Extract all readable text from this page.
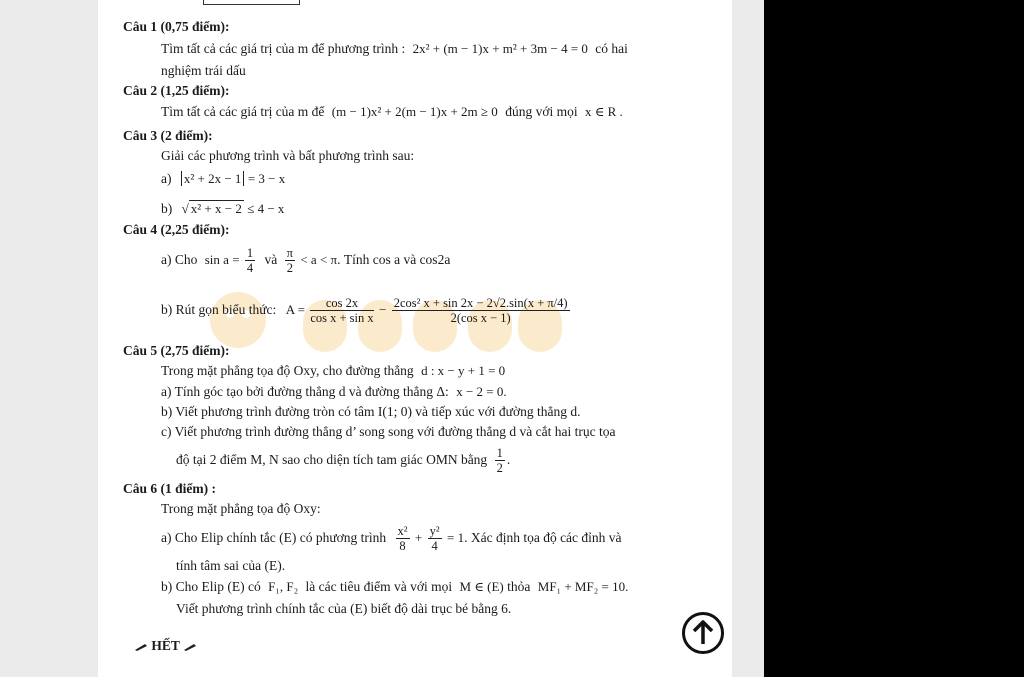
Câu 1 (0,75 điểm):
Tìm tất cả các giá trị của m để phương trình : 2x² + (m − 1)x + m² + 3m − 4 = 0 có hai
nghiệm trái dấu
Câu 2 (1,25 điểm):
Tìm tất cả các giá trị của m để (m − 1)x² + 2(m − 1)x + 2m ≥ 0 đúng với mọi x ∈ R .
Câu 3 (2 điểm):
Giải các phương trình và bất phương trình sau:
a) x² + 2x − 1 = 3 − x
b) √ x² + x − 2 ≤ 4 − x
Câu 4 (2,25 điểm):
a) Cho $\sin a = \frac{1}{4}$ và $\frac{\pi}{2} < a < \pi$. Tính cos a và cos2a
b) Rút gọn biểu thức: $A = \frac{\cos 2x}{\text{cos x + sin x}} - \frac{\text{2cos² x + sin 2x − 2√2.sin(x + π/4)}}{\text{2(cos x − 1)}}$
Câu 5 (2,75 điểm):
Trong mặt phẳng tọa độ Oxy, cho đường thẳng d : x − y + 1 = 0
a) Tính góc tạo bởi đường thẳng d và đường thẳng Δ: x − 2 = 0.
b) Viết phương trình đường tròn có tâm I(1; 0) và tiếp xúc với đường thẳng d.
c) Viết phương trình đường thẳng d’ song song với đường thẳng d và cắt hai trục tọa
độ tại 2 điểm M, N sao cho diện tích tam giác OMN bằng $\frac{1}{2}$ .
Câu 6 (1 điểm) :
Trong mặt phẳng tọa độ Oxy:
a) Cho Elip chính tắc (E) có phương trình $\frac{\text{x²}}{8} + \frac{\text{y²}}{4} = 1$. Xác định tọa độ các đỉnh và
tính tâm sai của (E).
b) Cho Elip (E) có F₁, F₂ là các tiêu điểm và với mọi M ∈ (E) thỏa MF₁ + MF₂ = 10.
Viết phương trình chính tắc của (E) biết độ dài trục bé bằng 6.
HẾT
